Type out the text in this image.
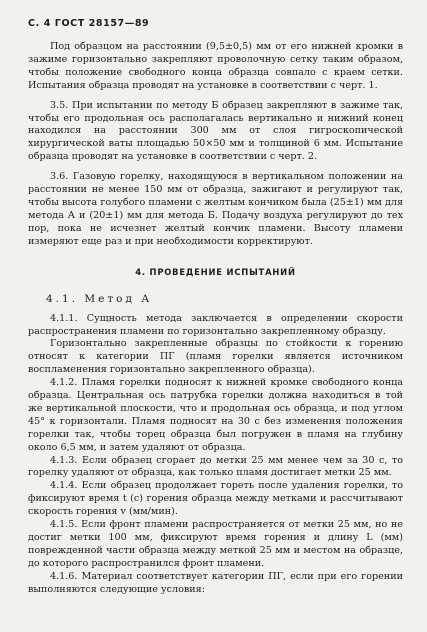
С. 4 ГОСТ 28157—89

Под образцом на расстоянии (9,5±0,5) мм от его нижней кромки в зажиме горизонтально закрепляют проволочную сетку таким образом, чтобы положение свободного конца образца совпало с краем сетки. Испытания образца проводят на установке в соответствии с черт. 1.

3.5. При испытании по методу Б образец закрепляют в зажиме так, чтобы его продольная ось располагалась вертикально и нижний конец находился на расстоянии 300 мм от слоя гигроскопической хирургической ваты площадью 50×50 мм и толщиной 6 мм. Испытание образца проводят на установке в соответствии с черт. 2.

3.6. Газовую горелку, находящуюся в вертикальном положении на расстоянии не менее 150 мм от образца, зажигают и регулируют так, чтобы высота голубого пламени с желтым кончиком была (25±1) мм для метода А и (20±1) мм для метода Б. Подачу воздуха регулируют до тех пор, пока не исчезнет желтый кончик пламени. Высоту пламени измеряют еще раз и при необходимости корректируют.

4. ПРОВЕДЕНИЕ ИСПЫТАНИЙ
4.1. Метод А

4.1.1. Сущность метода заключается в определении скорости распространения пламени по горизонтально закрепленному образцу.

Горизонтально закрепленные образцы по стойкости к горению относят к категории ПГ (пламя горелки является источником воспламенения горизонтально закрепленного образца).

4.1.2. Пламя горелки подносят к нижней кромке свободного конца образца. Центральная ось патрубка горелки должна находиться в той же вертикальной плоскости, что и продольная ось образца, и под углом 45° к горизонтали. Пламя подносят на 30 с без изменения положения горелки так, чтобы торец образца был погружен в пламя на глубину около 6,5 мм, и затем удаляют от образца.

4.1.3. Если образец сгорает до метки 25 мм менее чем за 30 с, то горелку удаляют от образца, как только пламя достигает метки 25 мм.

4.1.4. Если образец продолжает гореть после удаления горелки, то фиксируют время t (с) горения образца между метками и рассчитывают скорость горения v (мм/мин).

4.1.5. Если фронт пламени распространяется от метки 25 мм, но не достиг метки 100 мм, фиксируют время горения и длину L (мм) поврежденной части образца между меткой 25 мм и местом на образце, до которого распространился фронт пламени.

4.1.6. Материал соответствует категории ПГ, если при его горении выполняются следующие условия:
